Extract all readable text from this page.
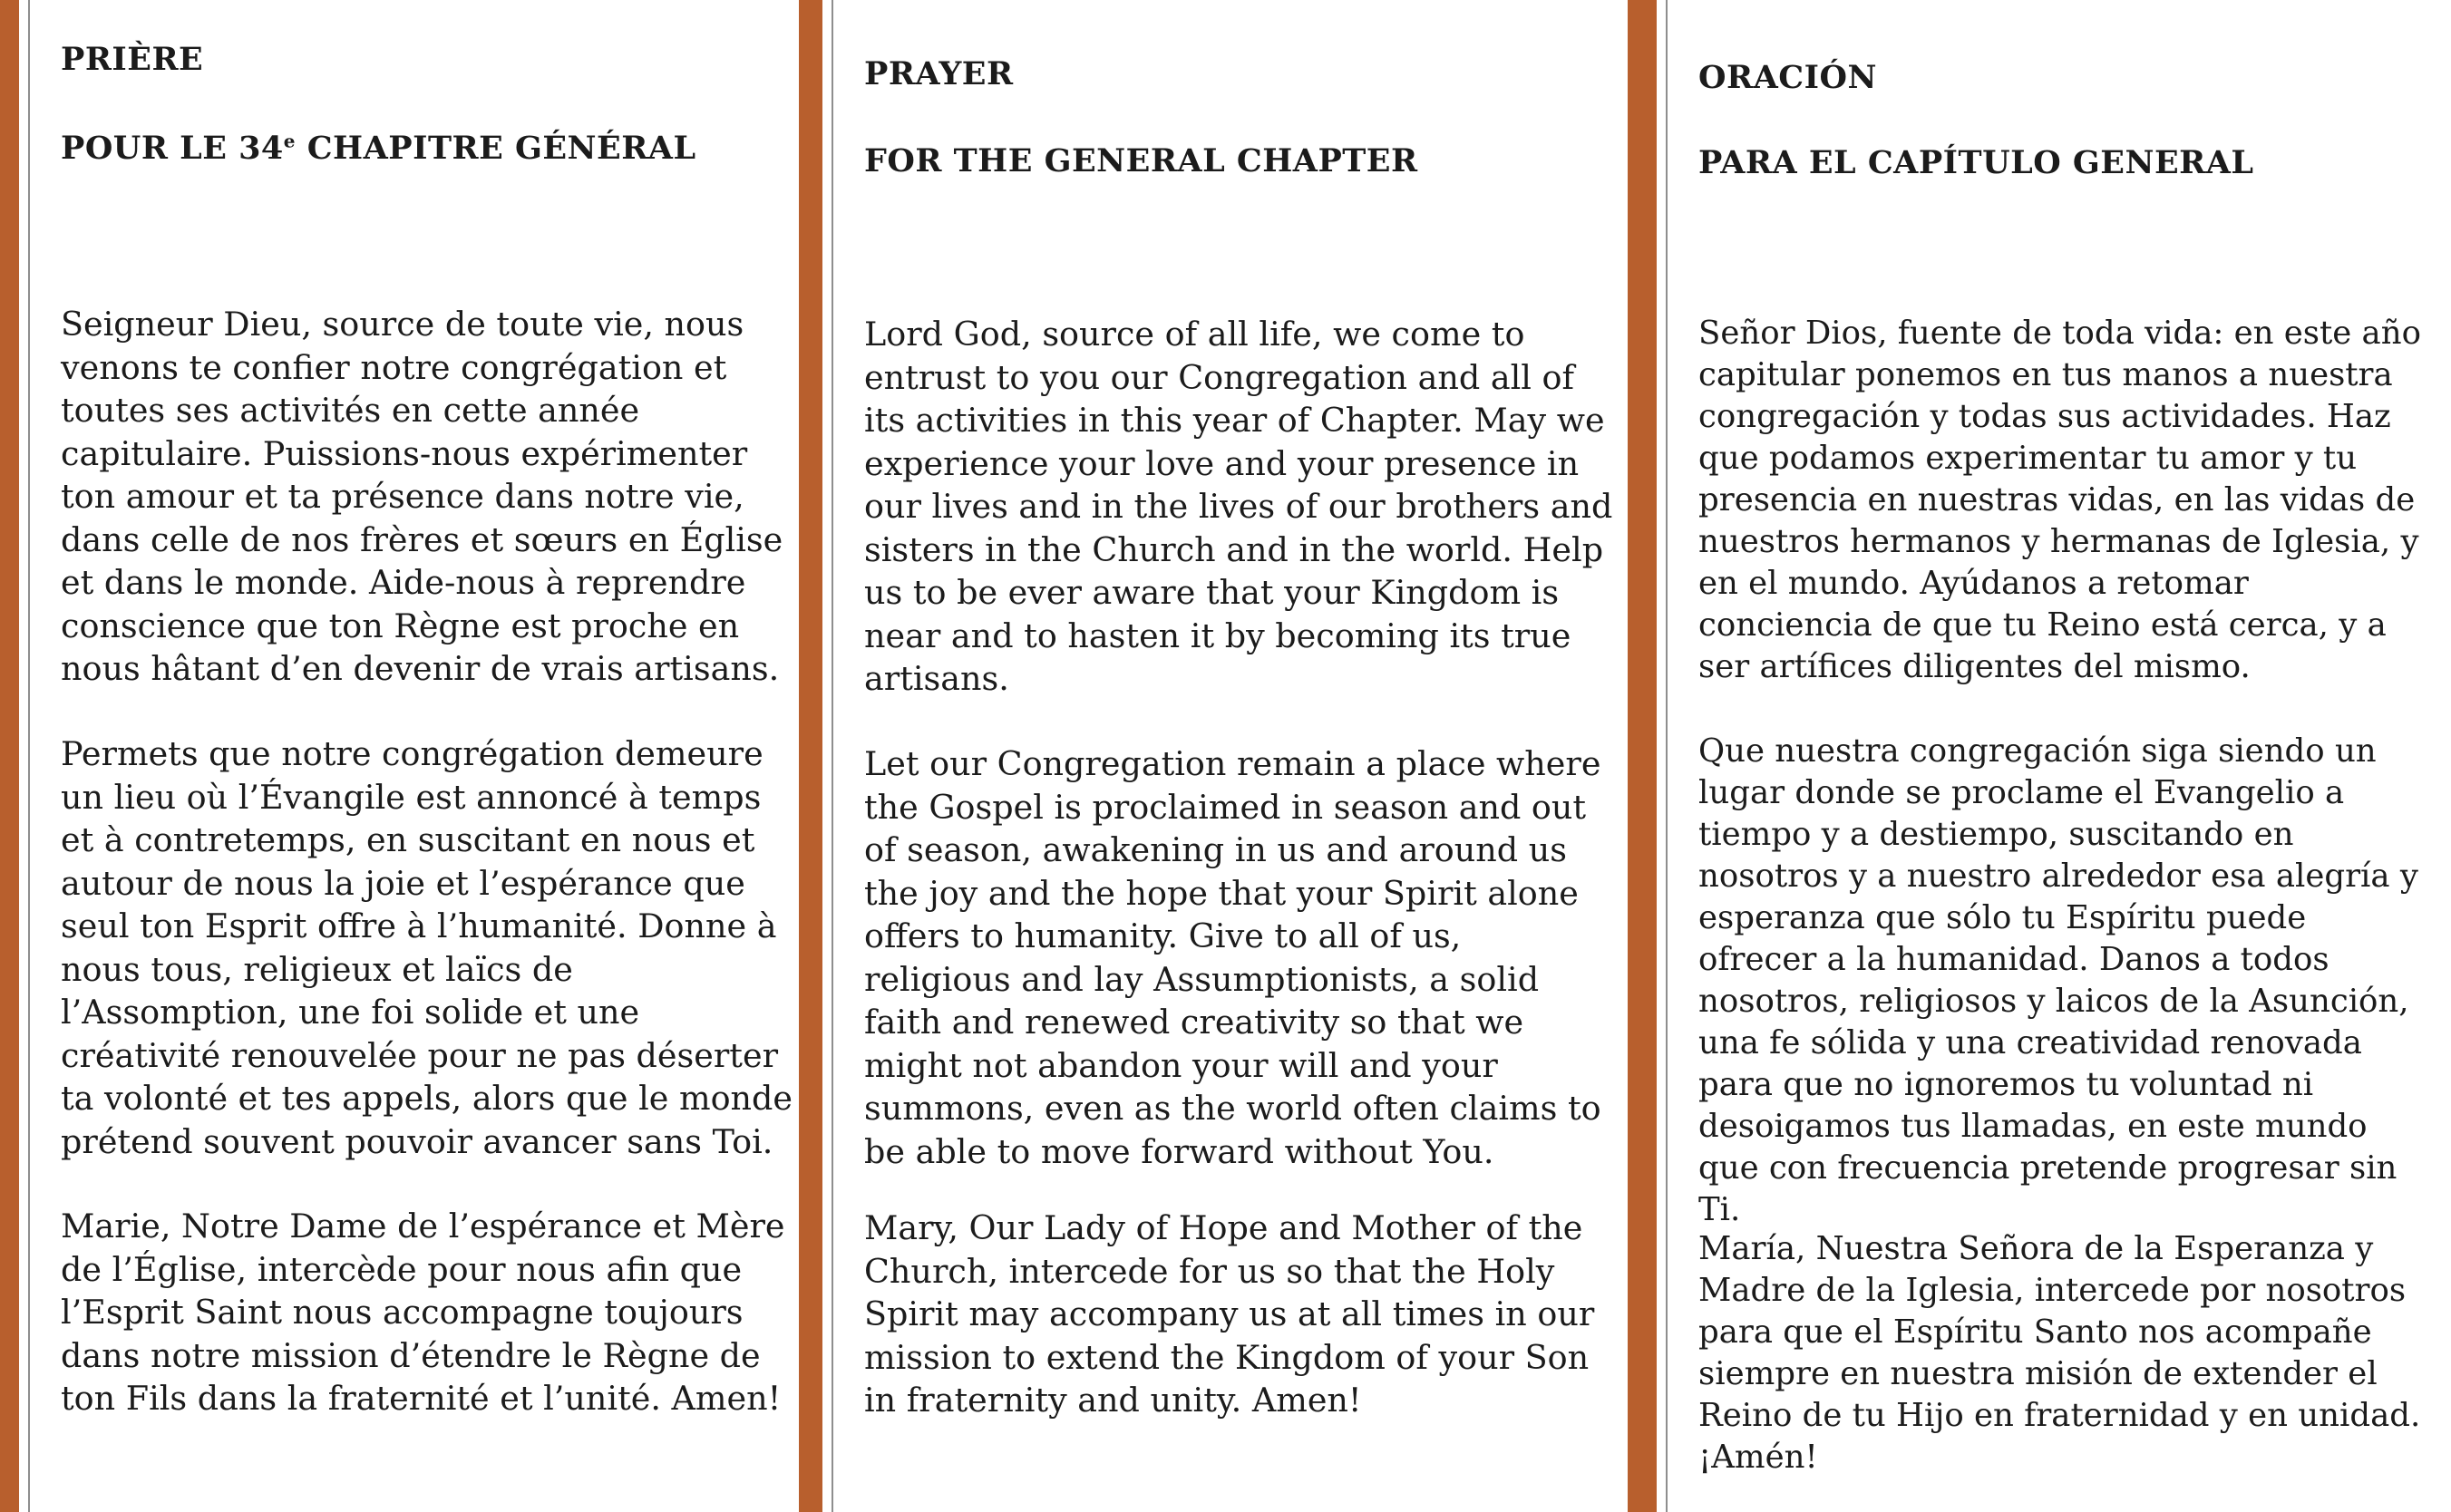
PRIÈRE
POUR LE 34e CHAPITRE GÉNÉRAL

Seigneur Dieu, source de toute vie, nous venons te confier notre congrégation et toutes ses activités en cette année capitulaire. Puissions-nous expérimenter ton amour et ta présence dans notre vie, dans celle de nos frères et sœurs en Église et dans le monde. Aide-nous à reprendre conscience que ton Règne est proche en nous hâtant d’en devenir de vrais artisans.

Permets que notre congrégation demeure un lieu où l’Évangile est annoncé à temps et à contretemps, en suscitant en nous et autour de nous la joie et l’espérance que seul ton Esprit offre à l’humanité. Donne à nous tous, religieux et laïcs de l’Assomption, une foi solide et une créativité renouvelée pour ne pas déserter ta volonté et tes appels, alors que le monde prétend souvent pouvoir avancer sans Toi.

Marie, Notre Dame de l’espérance et Mère de l’Église, intercède pour nous afin que l’Esprit Saint nous accompagne toujours dans notre mission d’étendre le Règne de ton Fils dans la fraternité et l’unité. Amen!

PRAYER
FOR THE GENERAL CHAPTER

Lord God, source of all life, we come to entrust to you our Congregation and all of its activities in this year of Chapter. May we experience your love and your presence in our lives and in the lives of our brothers and sisters in the Church and in the world. Help us to be ever aware that your Kingdom is near and to hasten it by becoming its true artisans.

Let our Congregation remain a place where the Gospel is proclaimed in season and out of season, awakening in us and around us the joy and the hope that your Spirit alone offers to humanity. Give to all of us, religious and lay Assumptionists, a solid faith and renewed creativity so that we might not abandon your will and your summons, even as the world often claims to be able to move forward without You.

Mary, Our Lady of Hope and Mother of the Church, intercede for us so that the Holy Spirit may accompany us at all times in our mission to extend the Kingdom of your Son in fraternity and unity. Amen!

ORACIÓN
PARA EL CAPÍTULO GENERAL

Señor Dios, fuente de toda vida: en este año capitular ponemos en tus manos a nuestra congregación y todas sus actividades. Haz que podamos experimentar tu amor y tu presencia en nuestras vidas, en las vidas de nuestros hermanos y hermanas de Iglesia, y en el mundo. Ayúdanos a retomar conciencia de que tu Reino está cerca, y a ser artífices diligentes del mismo.

Que nuestra congregación siga siendo un lugar donde se proclame el Evangelio a tiempo y a destiempo, suscitando en nosotros y a nuestro alrededor esa alegría y esperanza que sólo tu Espíritu puede ofrecer a la humanidad. Danos a todos nosotros, religiosos y laicos de la Asunción, una fe sólida y una creatividad renovada para que no ignoremos tu voluntad ni desoigamos tus llamadas, en este mundo que con frecuencia pretende progresar sin Ti.

María, Nuestra Señora de la Esperanza y Madre de la Iglesia, intercede por nosotros para que el Espíritu Santo nos acompañe siempre en nuestra misión de extender el Reino de tu Hijo en fraternidad y en unidad. ¡Amén!
